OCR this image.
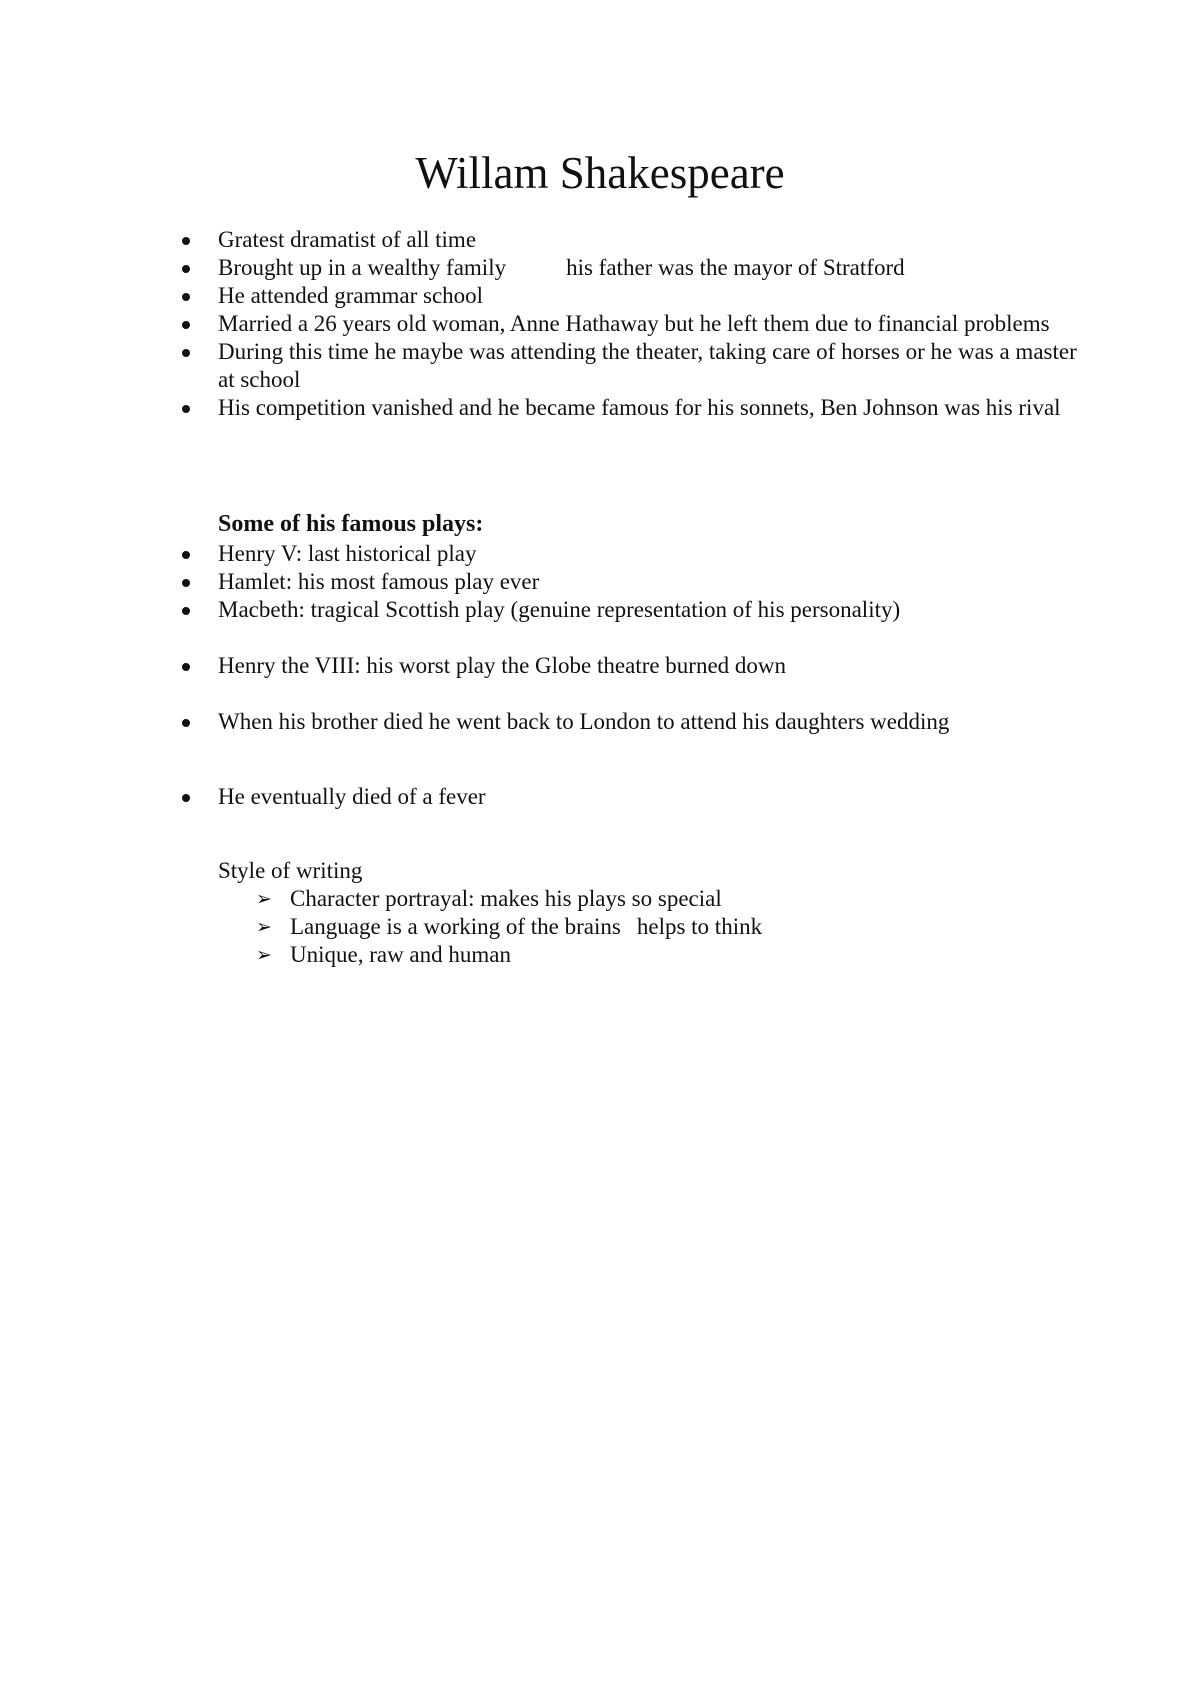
Willam Shakespeare
Gratest dramatist of all time
Brought up in a wealthy family	his father was the mayor of Stratford
He attended grammar school
Married a 26 years old woman, Anne Hathaway but he left them due to financial problems
During this time he maybe was attending the theater, taking care of horses or he was a master at school
His competition vanished and he became famous for his sonnets, Ben Johnson was his rival
Some of his famous plays:
Henry V: last historical play
Hamlet: his most famous play ever
Macbeth: tragical Scottish play (genuine representation of his personality)
Henry the VIII: his worst play the Globe theatre burned down
When his brother died he went back to London to attend his daughters wedding
He eventually died of a fever

Style of writing

➢ Character portrayal: makes his plays so special
➢ Language is a working of the brains helps to think
➢ Unique, raw and human
